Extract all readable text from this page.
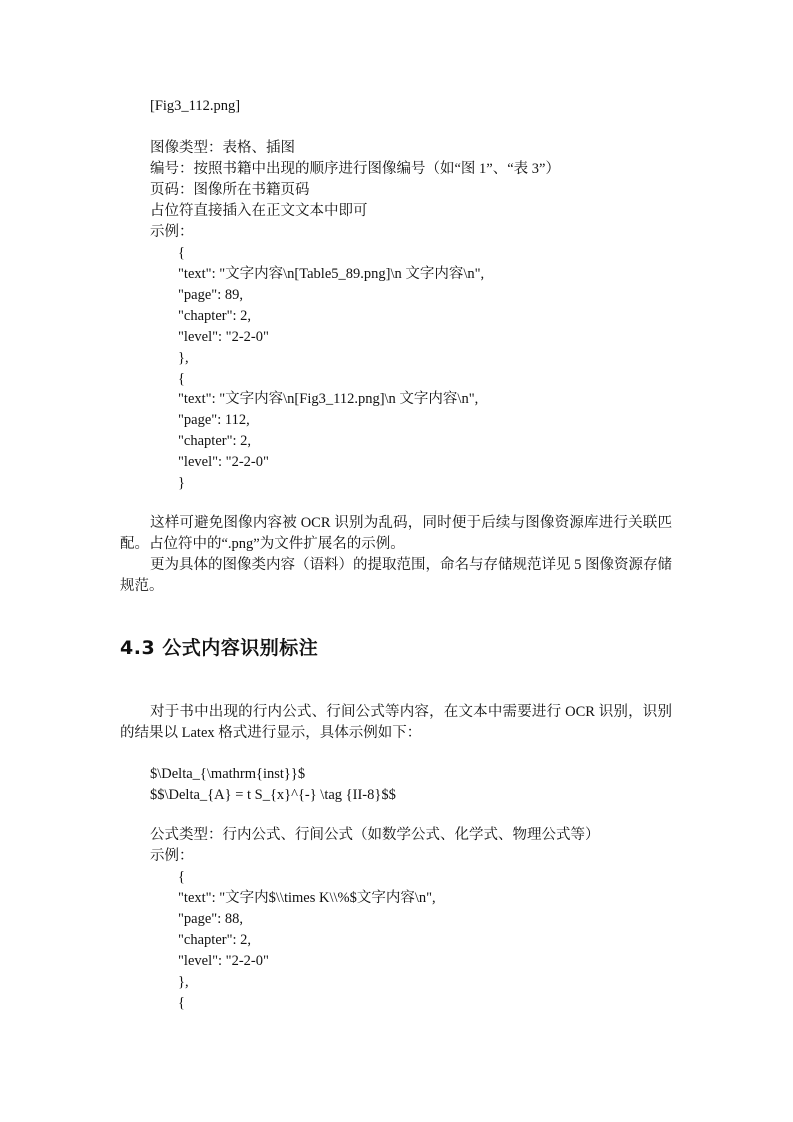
[Fig3_112.png]
图像类型：表格、插图
编号：按照书籍中出现的顺序进行图像编号（如“图 1”、“表 3”）
页码：图像所在书籍页码
占位符直接插入在正文文本中即可
示例：
{
"text": "文字内容\n[Table5_89.png]\n 文字内容\n",
"page": 89,
"chapter": 2,
"level": "2-2-0"
},
{
"text": "文字内容\n[Fig3_112.png]\n 文字内容\n",
"page": 112,
"chapter": 2,
"level": "2-2-0"
}
这样可避免图像内容被 OCR 识别为乱码，同时便于后续与图像资源库进行关联匹配。占位符中的“.png”为文件扩展名的示例。
更为具体的图像类内容（语料）的提取范围，命名与存储规范详见 5 图像资源存储规范。
4.3 公式内容识别标注
对于书中出现的行内公式、行间公式等内容，在文本中需要进行 OCR 识别，识别的结果以 Latex 格式进行显示，具体示例如下：
$\Delta_{\mathrm{inst}}$
$$\Delta_{A} = t S_{x}^{-} \tag {II-8}$$
公式类型：行内公式、行间公式（如数学公式、化学式、物理公式等）
示例：
{
"text": "文字内$\\times K\\%$文字内容\n",
"page": 88,
"chapter": 2,
"level": "2-2-0"
},
{
